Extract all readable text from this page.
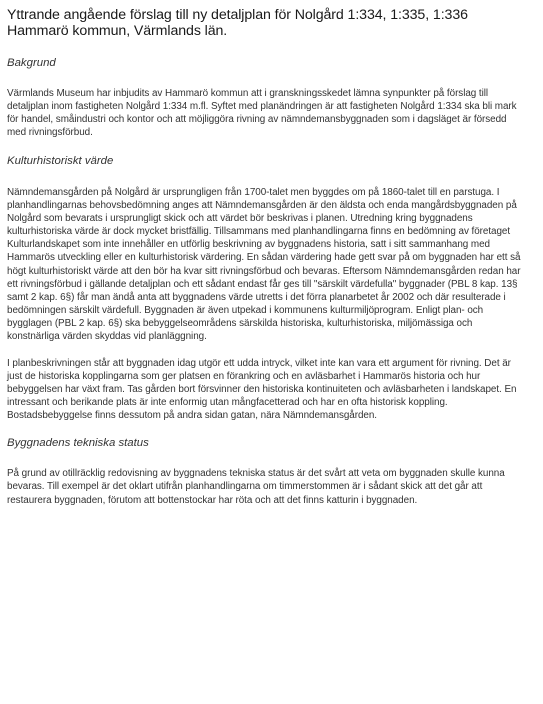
Yttrande angående förslag till ny detaljplan för Nolgård 1:334, 1:335, 1:336
Hammarö kommun, Värmlands län.
Bakgrund

Värmlands Museum har inbjudits av Hammarö kommun att i granskningsskedet lämna synpunkter på förslag till detaljplan inom fastigheten Nolgård 1:334 m.fl. Syftet med planändringen är att fastigheten Nolgård 1:334 ska bli mark för handel, småindustri och kontor och att möjliggöra rivning av nämndemansbyggnaden som i dagsläget är försedd med rivningsförbud.

Kulturhistoriskt värde

Nämndemansgården på Nolgård är ursprungligen från 1700-talet men byggdes om på 1860-talet till en parstuga. I planhandlingarnas behovsbedömning anges att Nämndemansgården är den äldsta och enda mangårdsbyggnaden på Nolgård som bevarats i ursprungligt skick och att värdet bör beskrivas i planen. Utredning kring byggnadens kulturhistoriska värde är dock mycket bristfällig. Tillsammans med planhandlingarna finns en bedömning av företaget Kulturlandskapet som inte innehåller en utförlig beskrivning av byggnadens historia, satt i sitt sammanhang med Hammarös utveckling eller en kulturhistorisk värdering. En sådan värdering hade gett svar på om byggnaden har ett så högt kulturhistoriskt värde att den bör ha kvar sitt rivningsförbud och bevaras. Eftersom Nämndemansgården redan har ett rivningsförbud i gällande detaljplan och ett sådant endast får ges till "särskilt värdefulla" byggnader (PBL 8 kap. 13§ samt 2 kap. 6§) får man ändå anta att byggnadens värde utretts i det förra planarbetet år 2002 och där resulterade i bedömningen särskilt värdefull. Byggnaden är även utpekad i kommunens kulturmiljöprogram. Enligt plan- och bygglagen (PBL 2 kap. 6§) ska bebyggelseområdens särskilda historiska, kulturhistoriska, miljömässiga och konstnärliga värden skyddas vid planläggning.

I planbeskrivningen står att byggnaden idag utgör ett udda intryck, vilket inte kan vara ett argument för rivning. Det är just de historiska kopplingarna som ger platsen en förankring och en avläsbarhet i Hammarös historia och hur bebyggelsen har växt fram. Tas gården bort försvinner den historiska kontinuiteten och avläsbarheten i landskapet. En intressant och berikande plats är inte enformig utan mångfacetterad och har en ofta historisk koppling. Bostadsbebyggelse finns dessutom på andra sidan gatan, nära Nämndemansgården.

Byggnadens tekniska status

På grund av otillräcklig redovisning av byggnadens tekniska status är det svårt att veta om byggnaden skulle kunna bevaras. Till exempel är det oklart utifrån planhandlingarna om timmerstommen är i sådant skick att det går att restaurera byggnaden, förutom att bottenstockar har röta och att det finns katturin i byggnaden.
